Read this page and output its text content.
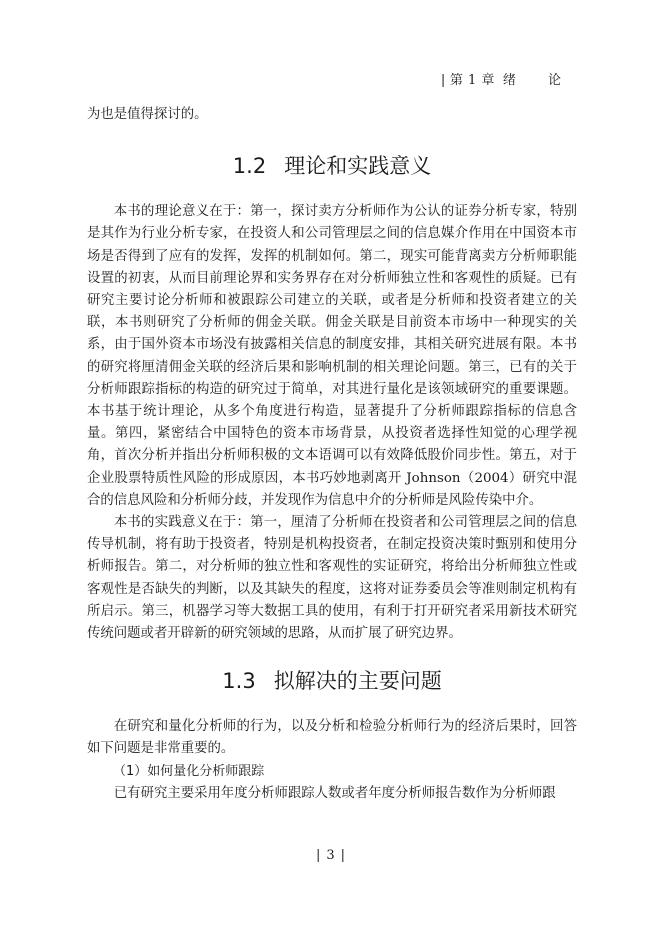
| 第 1 章 绪 论

为也是值得探讨的。

1.2 理论和实践意义

本书的理论意义在于：第一，探讨卖方分析师作为公认的证券分析专家，特别是其作为行业分析专家，在投资人和公司管理层之间的信息媒介作用在中国资本市场是否得到了应有的发挥，发挥的机制如何。第二，现实可能背离卖方分析师职能设置的初衷，从而目前理论界和实务界存在对分析师独立性和客观性的质疑。已有研究主要讨论分析师和被跟踪公司建立的关联，或者是分析师和投资者建立的关联，本书则研究了分析师的佣金关联。佣金关联是目前资本市场中一种现实的关系，由于国外资本市场没有披露相关信息的制度安排，其相关研究进展有限。本书的研究将厘清佣金关联的经济后果和影响机制的相关理论问题。第三，已有的关于分析师跟踪指标的构造的研究过于简单，对其进行量化是该领域研究的重要课题。本书基于统计理论，从多个角度进行构造，显著提升了分析师跟踪指标的信息含量。第四，紧密结合中国特色的资本市场背景，从投资者选择性知觉的心理学视角，首次分析并指出分析师积极的文本语调可以有效降低股价同步性。第五，对于企业股票特质性风险的形成原因，本书巧妙地剥离开 Johnson（2004）研究中混合的信息风险和分析师分歧，并发现作为信息中介的分析师是风险传染中介。

本书的实践意义在于：第一，厘清了分析师在投资者和公司管理层之间的信息传导机制，将有助于投资者，特别是机构投资者，在制定投资决策时甄别和使用分析师报告。第二，对分析师的独立性和客观性的实证研究，将给出分析师独立性或客观性是否缺失的判断，以及其缺失的程度，这将对证券委员会等准则制定机构有所启示。第三，机器学习等大数据工具的使用，有利于打开研究者采用新技术研究传统问题或者开辟新的研究领域的思路，从而扩展了研究边界。

1.3 拟解决的主要问题

在研究和量化分析师的行为，以及分析和检验分析师行为的经济后果时，回答如下问题是非常重要的。

（1）如何量化分析师跟踪

已有研究主要采用年度分析师跟踪人数或者年度分析师报告数作为分析师跟

| 3 |
